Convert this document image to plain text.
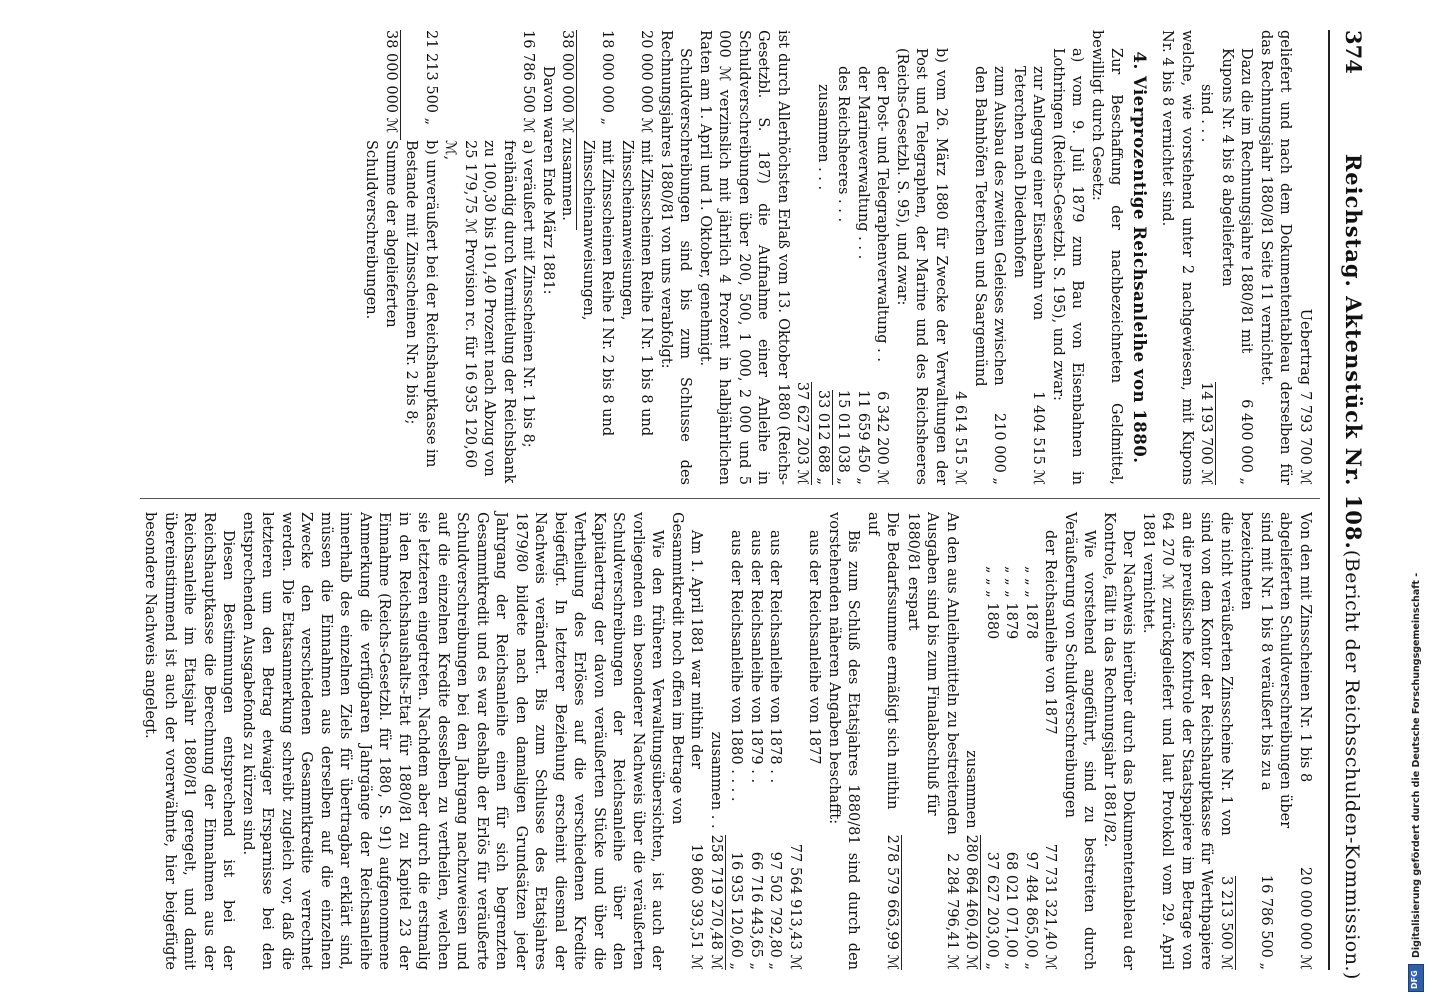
374
Reichstag. Aktenstück Nr. 108.
(Bericht der Reichsschulden-Kommission.)
Uebertrag
7 793 700 ℳ
geliefert und nach dem Dokumententableau derselben für das Rechnungsjahr 1880/81 Seite 11 vernichtet.
Dazu die im Rechnungsjahre 1880/81 mit Kupons Nr. 4 bis 8 abgelieferten
6 400 000 „
sind . . .
14 193 700 ℳ
welche, wie vorstehend unter 2 nachgewiesen, mit Kupons Nr. 4 bis 8 vernichtet sind.
4. Vierprozentige Reichsanleihe von 1880.
Zur Beschaffung der nachbezeichneten Geldmittel, bewilligt durch Gesetz:
a) vom 9. Juli 1879 zum Bau von Eisenbahnen in Lothringen (Reichs-Gesetzbl. S. 195), und zwar:
zur Anlegung einer Eisenbahn von Teterchen nach Diedenhofen
1 404 515 ℳ
zum Ausbau des zweiten Geleises zwischen den Bahnhöfen Teterchen und Saargemünd
210 000 „
4 614 515 ℳ
b) vom 26. März 1880 für Zwecke der Verwaltungen der Post und Telegraphen, der Marine und des Reichsheeres (Reichs-Gesetzbl. S. 95), und zwar:
der Post- und Telegraphenverwaltung . .
6 342 200 ℳ
der Marineverwaltung . . .
11 659 450 „
des Reichsheeres . . .
15 011 038 „
zusammen . . .
33 012 688 „
37 627 203 ℳ
ist durch Allerhöchsten Erlaß vom 13. Oktober 1880 (Reichs-Gesetzbl. S. 187) die Aufnahme einer Anleihe in Schuldverschreibungen über 200, 500, 1 000, 2 000 und 5 000 ℳ verzinslich mit jährlich 4 Prozent in halbjährlichen Raten am 1. April und 1. Oktober, genehmigt.
Schuldverschreibungen sind bis zum Schlusse des Rechnungsjahres 1880/81 von uns verabfolgt:
20 000 000 ℳ
mit Zinsscheinen Reihe I Nr. 1 bis 8 und Zinsscheinanweisungen,
18 000 000 „
mit Zinsscheinen Reihe I Nr. 2 bis 8 und Zinsscheinanweisungen,
38 000 000 ℳ zusammen.
Davon waren Ende März 1881:
16 786 500 ℳ
a) veräußert mit Zinsscheinen Nr. 1 bis 8; freihändig durch Vermittelung der Reichsbank zu 100,30 bis 101,40 Prozent nach Abzug von 25 179,75 ℳ Provision rc. für 16 935 120,60 ℳ,
21 213 500 „
b) unveräußert bei der Reichshauptkasse im Bestande mit Zinsscheinen Nr. 2 bis 8;
38 000 000 ℳ
Summe der abgelieferten Schuldverschreibungen.
Von den mit Zinsscheinen Nr. 1 bis 8 abgelieferten Schuldverschreibungen über
20 000 000 ℳ
sind mit Nr. 1 bis 8 veräußert bis zu a bezeichneten
16 786 500 „
die nicht veräußerten Zinsscheine Nr. 1 von
3 213 500 ℳ
sind von dem Kontor der Reichshauptkasse für Werthpapiere an die preußische Kontrole der Staatspapiere im Betrage von 64 270 ℳ zurückgeliefert und laut Protokoll vom 29. April 1881 vernichtet.
Der Nachweis hierüber durch das Dokumententableau der Kontrole, fällt in das Rechnungsjahr 1881/82.
Wie vorstehend angeführt, sind zu bestreiten durch Veräußerung von Schuldverschreibungen
der Reichsanleihe von 1877
77 731 321,40 ℳ
„ „ „ 1878
97 484 865,00 „
„ „ „ 1879
68 021 071,00 „
„ „ „ 1880
37 627 203,00 „
zusammen
280 864 460,40 ℳ
An den aus Anleihemitteln zu bestreitenden Ausgaben sind bis zum Finalabschluß für 1880/81 erspart
2 284 796,41 ℳ
Die Bedarfssumme ermäßigt sich mithin auf
278 579 663,99 ℳ
Bis zum Schluß des Etatsjahres 1880/81 sind durch den vorstehenden näheren Angaben beschafft:
aus der Reichsanleihe von 1877
77 564 913,43 ℳ
aus der Reichsanleihe von 1878 . .
97 502 792,80 „
aus der Reichsanleihe von 1879 . .
66 716 443,65 „
aus der Reichsanleihe von 1880 . . . .
16 935 120,60 „
zusammen . .
258 719 270,48 ℳ
Am 1. April 1881 war mithin der Gesammtkredit noch offen im Betrage von
19 860 393,51 ℳ
Wie den früheren Verwaltungsübersichten, ist auch der vorliegenden ein besonderer Nachweis über die veräußerten Schuldverschreibungen der Reichsanleihe über den Kapitalertrag der davon veräußerten Stücke und über die Vertheilung des Erlöses auf die verschiedenen Kredite beigefügt. In letzterer Beziehung erscheint diesmal der Nachweis verändert. Bis zum Schlusse des Etatsjahres 1879/80 bildete nach den damaligen Grundsätzen jeder Jahrgang der Reichsanleihe einen für sich begrenzten Gesammtkredit und es war deshalb der Erlös für veräußerte Schuldverschreibungen bei den Jahrgang nachzuweisen und auf die einzelnen Kredite desselben zu vertheilen, welchen sie letzteren eingetreten. Nachdem aber durch die erstmalig in den Reichshaushalts-Etat für 1880/81 zu Kapitel 23 der Einnahme (Reichs-Gesetzbl. für 1880, S. 91) aufgenommene Anmerkung die verfügbaren Jahrgänge der Reichsanleihe innerhalb des einzelnen Ziels für übertragbar erklärt sind, müssen die Einnahmen aus derselben auf die einzelnen Zwecke den verschiedenen Gesammtkredite verrechnet werden. Die Etatsanmerkung schreibt zugleich vor, daß die letzteren um den Betrag etwaiger Ersparnisse bei den entsprechenden Ausgabefonds zu kürzen sind.
Diesen Bestimmungen entsprechend ist bei der Reichshauptkasse die Berechnung der Einnahmen aus der Reichsanleihe im Etatsjahr 1880/81 geregelt, und damit übereinstimmend ist auch der vorerwähnte, hier beigefügte besondere Nachweis angelegt.
DFG	Digitalisierung gefördert durch die Deutsche Forschungsgemeinschaft -
